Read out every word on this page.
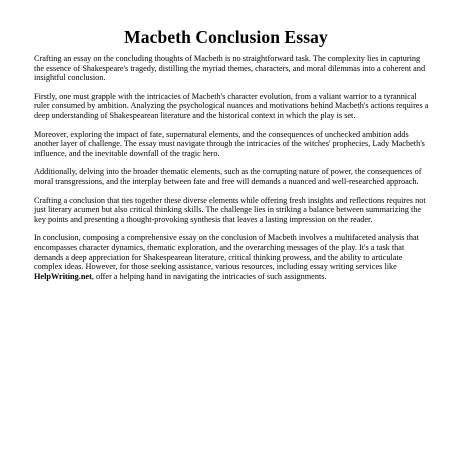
Macbeth Conclusion Essay

Crafting an essay on the concluding thoughts of Macbeth is no straightforward task. The complexity lies in capturing the essence of Shakespeare's tragedy, distilling the myriad themes, characters, and moral dilemmas into a coherent and insightful conclusion.

Firstly, one must grapple with the intricacies of Macbeth's character evolution, from a valiant warrior to a tyrannical ruler consumed by ambition. Analyzing the psychological nuances and motivations behind Macbeth's actions requires a deep understanding of Shakespearean literature and the historical context in which the play is set.

Moreover, exploring the impact of fate, supernatural elements, and the consequences of unchecked ambition adds another layer of challenge. The essay must navigate through the intricacies of the witches' prophecies, Lady Macbeth's influence, and the inevitable downfall of the tragic hero.

Additionally, delving into the broader thematic elements, such as the corrupting nature of power, the consequences of moral transgressions, and the interplay between fate and free will demands a nuanced and well-researched approach.

Crafting a conclusion that ties together these diverse elements while offering fresh insights and reflections requires not just literary acumen but also critical thinking skills. The challenge lies in striking a balance between summarizing the key points and presenting a thought-provoking synthesis that leaves a lasting impression on the reader.

In conclusion, composing a comprehensive essay on the conclusion of Macbeth involves a multifaceted analysis that encompasses character dynamics, thematic exploration, and the overarching messages of the play. It's a task that demands a deep appreciation for Shakespearean literature, critical thinking prowess, and the ability to articulate complex ideas. However, for those seeking assistance, various resources, including essay writing services like HelpWriting.net, offer a helping hand in navigating the intricacies of such assignments.
